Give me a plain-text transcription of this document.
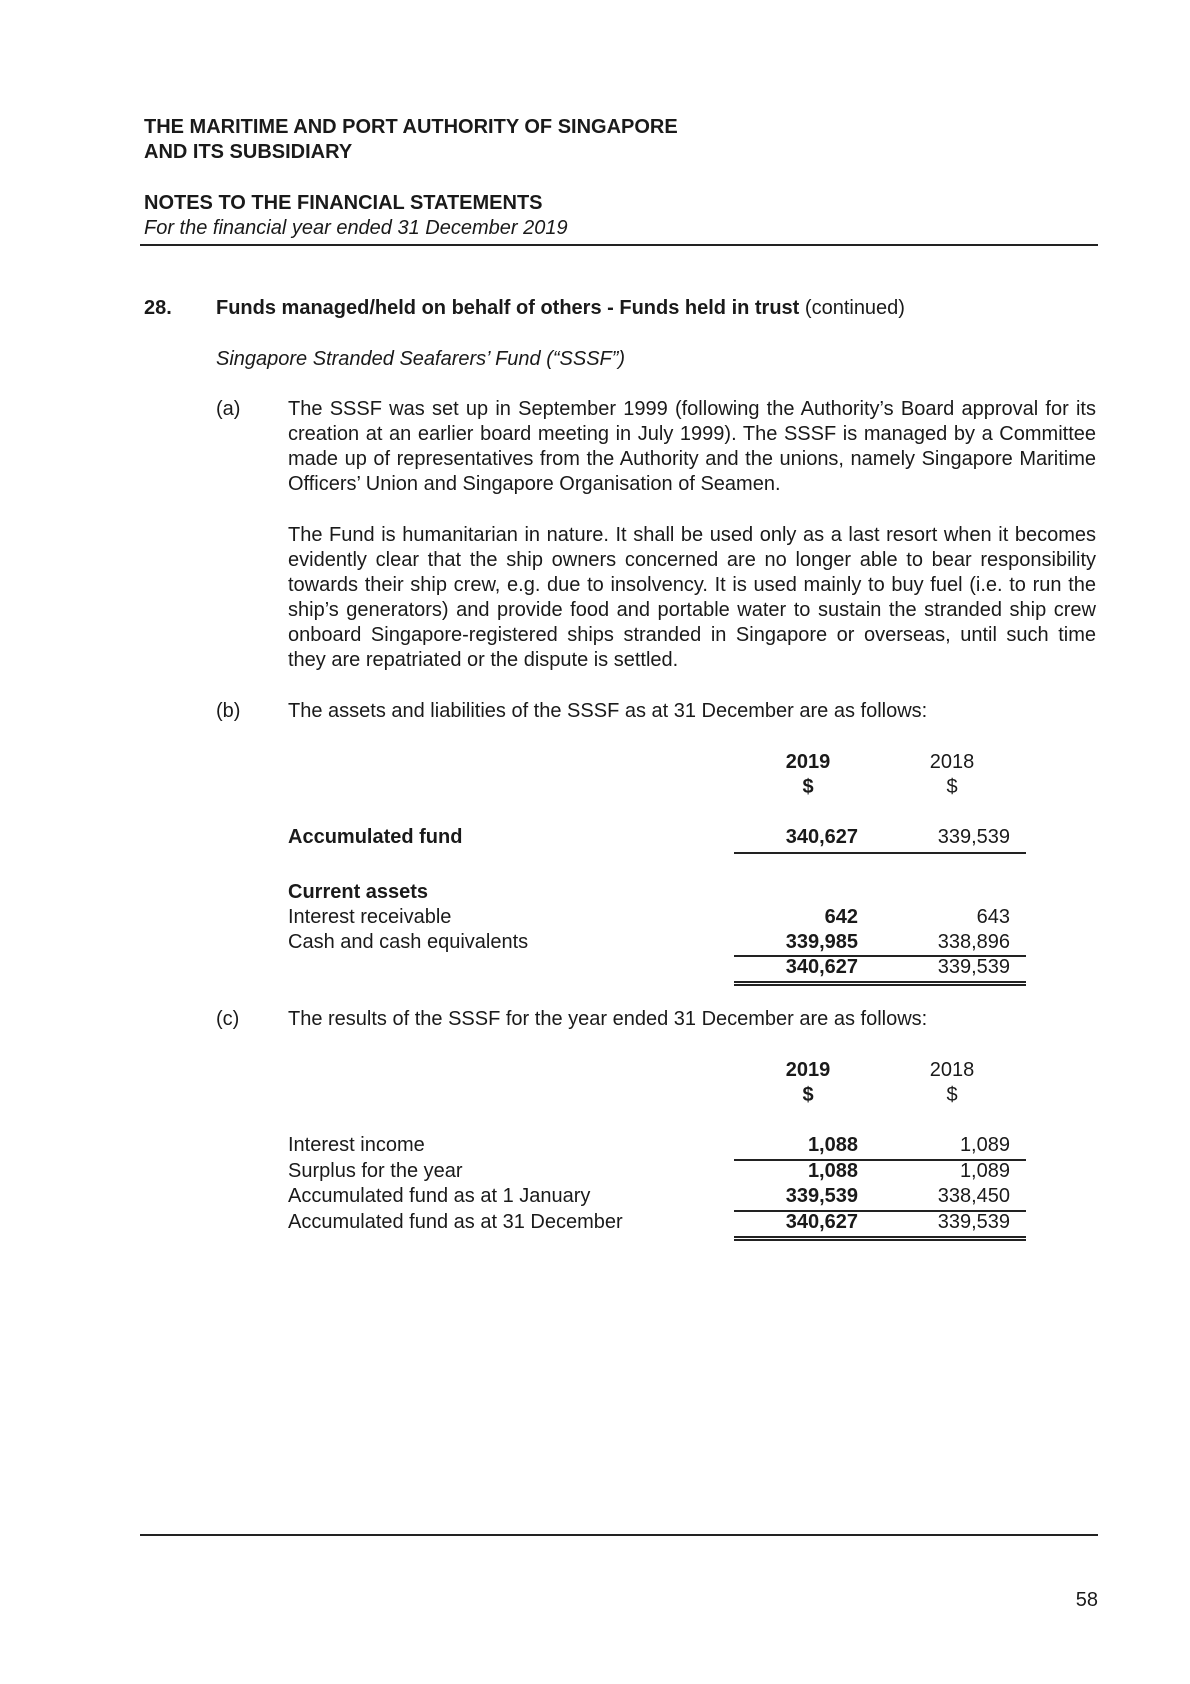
THE MARITIME AND PORT AUTHORITY OF SINGAPORE
AND ITS SUBSIDIARY
NOTES TO THE FINANCIAL STATEMENTS
For the financial year ended 31 December 2019
28. Funds managed/held on behalf of others - Funds held in trust (continued)
Singapore Stranded Seafarers’ Fund (“SSSF”)
(a) The SSSF was set up in September 1999 (following the Authority’s Board approval for its creation at an earlier board meeting in July 1999). The SSSF is managed by a Committee made up of representatives from the Authority and the unions, namely Singapore Maritime Officers’ Union and Singapore Organisation of Seamen.
The Fund is humanitarian in nature. It shall be used only as a last resort when it becomes evidently clear that the ship owners concerned are no longer able to bear responsibility towards their ship crew, e.g. due to insolvency. It is used mainly to buy fuel (i.e. to run the ship’s generators) and provide food and portable water to sustain the stranded ship crew onboard Singapore-registered ships stranded in Singapore or overseas, until such time they are repatriated or the dispute is settled.
(b) The assets and liabilities of the SSSF as at 31 December are as follows:
2019	2018
$	$
Accumulated fund	340,627	339,539
Current assets
Interest receivable	642	643
Cash and cash equivalents	339,985	338,896
340,627	339,539
(c) The results of the SSSF for the year ended 31 December are as follows:
2019	2018
$	$
Interest income	1,088	1,089
Surplus for the year	1,088	1,089
Accumulated fund as at 1 January	339,539	338,450
Accumulated fund as at 31 December	340,627	339,539
58
